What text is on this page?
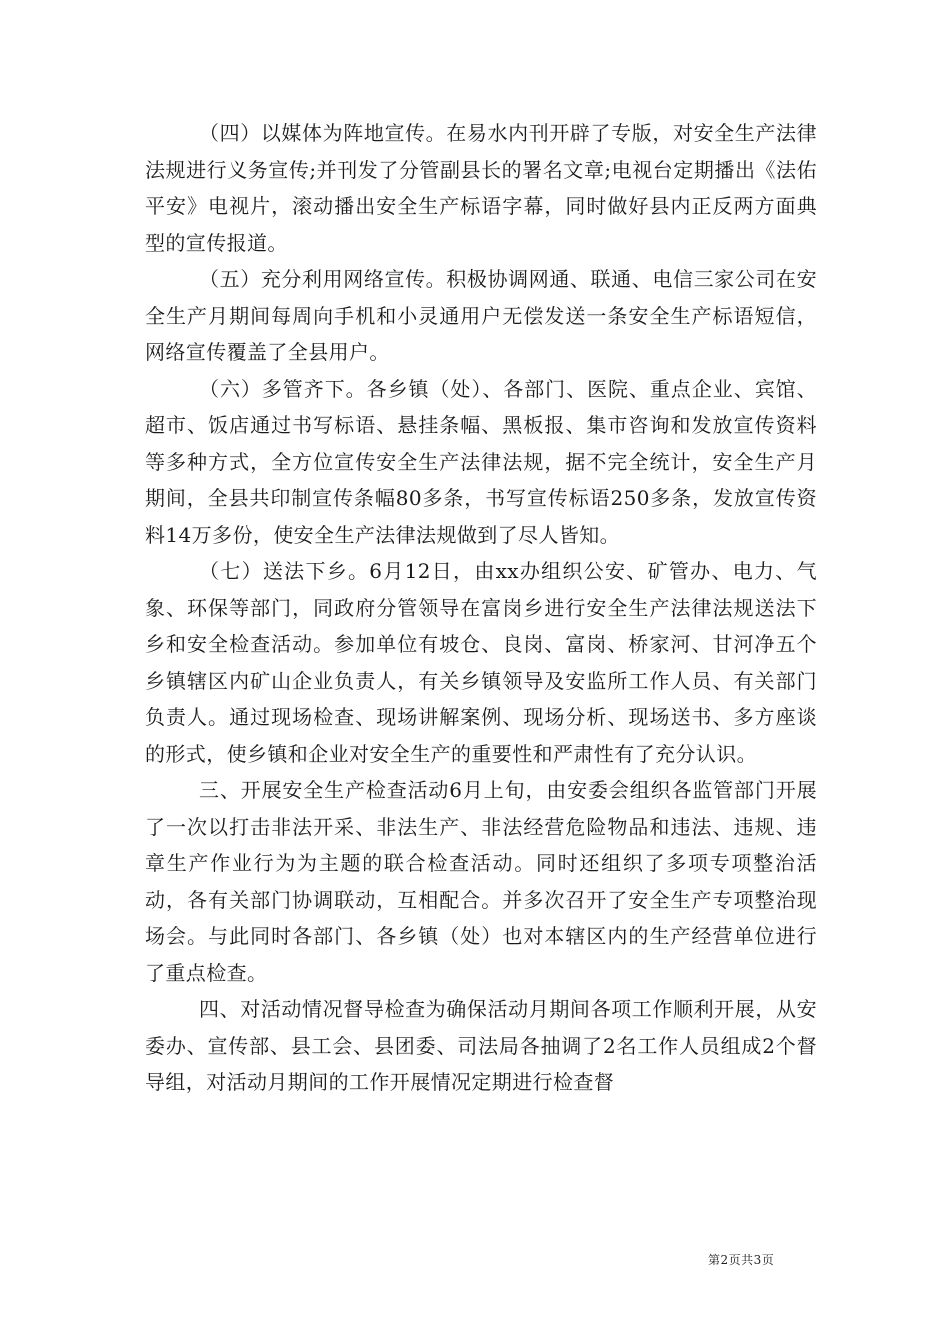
（四）以媒体为阵地宣传。在易水内刊开辟了专版，对安全生产法律法规进行义务宣传;并刊发了分管副县长的署名文章;电视台定期播出《法佑平安》电视片，滚动播出安全生产标语字幕，同时做好县内正反两方面典型的宣传报道。

（五）充分利用网络宣传。积极协调网通、联通、电信三家公司在安全生产月期间每周向手机和小灵通用户无偿发送一条安全生产标语短信，网络宣传覆盖了全县用户。

（六）多管齐下。各乡镇（处）、各部门、医院、重点企业、宾馆、超市、饭店通过书写标语、悬挂条幅、黑板报、集市咨询和发放宣传资料等多种方式，全方位宣传安全生产法律法规，据不完全统计，安全生产月期间，全县共印制宣传条幅80多条，书写宣传标语250多条，发放宣传资料14万多份，使安全生产法律法规做到了尽人皆知。

（七）送法下乡。6月12日，由xx办组织公安、矿管办、电力、气象、环保等部门，同政府分管领导在富岗乡进行安全生产法律法规送法下乡和安全检查活动。参加单位有坡仓、良岗、富岗、桥家河、甘河净五个乡镇辖区内矿山企业负责人，有关乡镇领导及安监所工作人员、有关部门负责人。通过现场检查、现场讲解案例、现场分析、现场送书、多方座谈的形式，使乡镇和企业对安全生产的重要性和严肃性有了充分认识。

三、开展安全生产检查活动6月上旬，由安委会组织各监管部门开展了一次以打击非法开采、非法生产、非法经营危险物品和违法、违规、违章生产作业行为为主题的联合检查活动。同时还组织了多项专项整治活动，各有关部门协调联动，互相配合。并多次召开了安全生产专项整治现场会。与此同时各部门、各乡镇（处）也对本辖区内的生产经营单位进行了重点检查。

四、对活动情况督导检查为确保活动月期间各项工作顺利开展，从安委办、宣传部、县工会、县团委、司法局各抽调了2名工作人员组成2个督导组，对活动月期间的工作开展情况定期进行检查督

第2页共3页
